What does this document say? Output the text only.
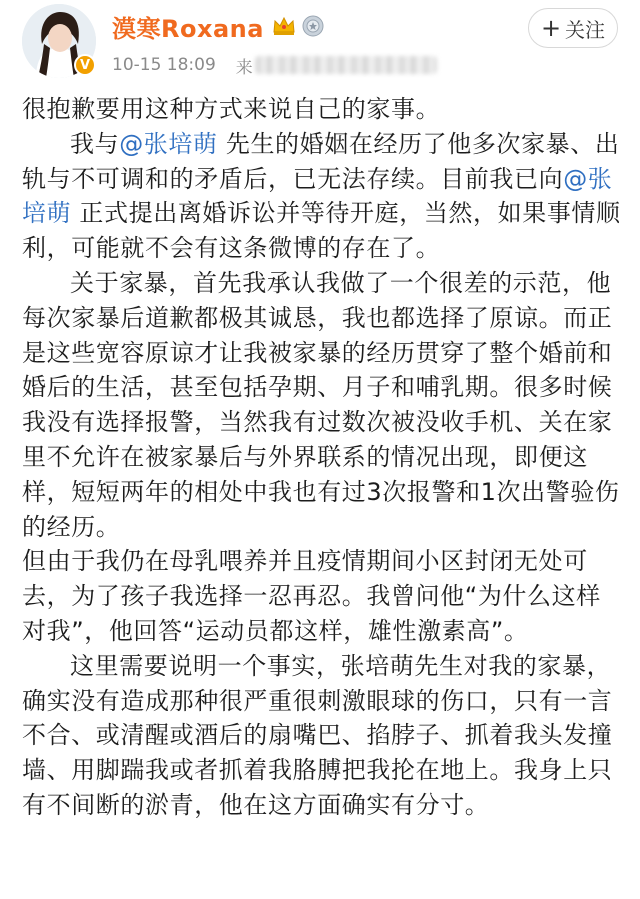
V
漠寒Roxana
10-15 18:09 来
+ 关注

很抱歉要用这种方式来说自己的家事。

我与@张培萌 先生的婚姻在经历了他多次家暴、出轨与不可调和的矛盾后，已无法存续。目前我已向@张培萌 正式提出离婚诉讼并等待开庭，当然，如果事情顺利，可能就不会有这条微博的存在了。

关于家暴，首先我承认我做了一个很差的示范，他每次家暴后道歉都极其诚恳，我也都选择了原谅。而正是这些宽容原谅才让我被家暴的经历贯穿了整个婚前和婚后的生活，甚至包括孕期、月子和哺乳期。很多时候我没有选择报警，当然我有过数次被没收手机、关在家里不允许在被家暴后与外界联系的情况出现，即便这样，短短两年的相处中我也有过3次报警和1次出警验伤的经历。

但由于我仍在母乳喂养并且疫情期间小区封闭无处可去，为了孩子我选择一忍再忍。我曾问他“为什么这样对我”，他回答“运动员都这样，雄性激素高”。

这里需要说明一个事实，张培萌先生对我的家暴，确实没有造成那种很严重很刺激眼球的伤口，只有一言不合、或清醒或酒后的扇嘴巴、掐脖子、抓着我头发撞墙、用脚踹我或者抓着我胳膊把我抡在地上。我身上只有不间断的淤青，他在这方面确实有分寸。
